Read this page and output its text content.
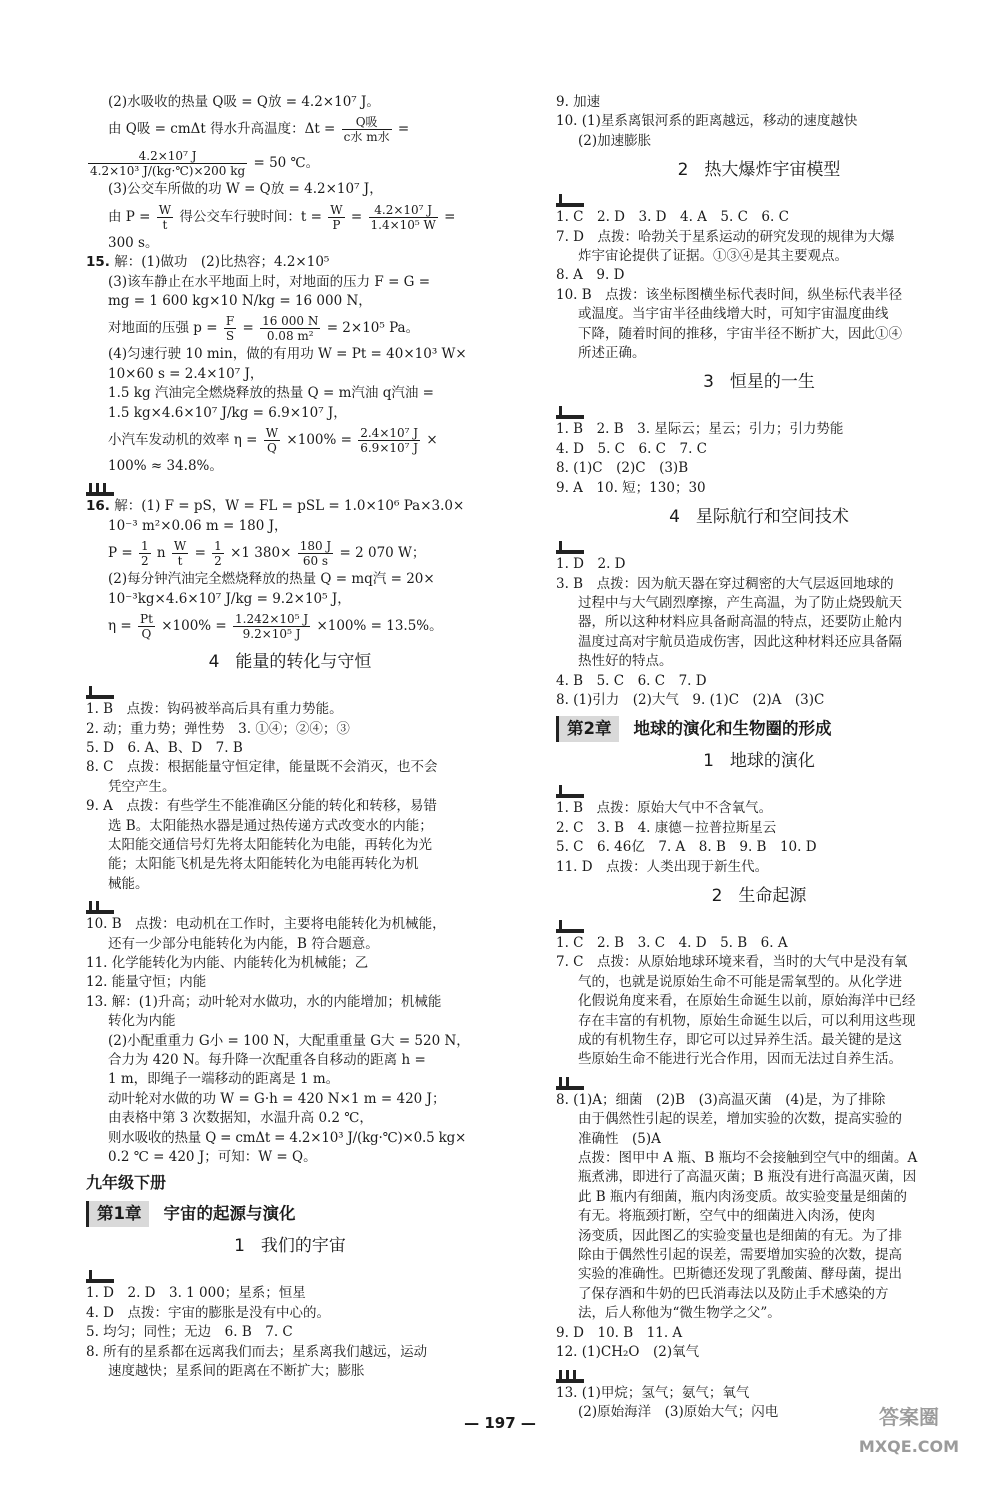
(2)水吸收的热量 Q吸 = Q放 = 4.2×10⁷ J。
由 Q吸 = cmΔt 得水升高温度：$\Delta t = \frac{\text{Q吸}}{\text{c水 m水}}$ =
$\frac{\text{4.2×10⁷ J}}{\text{4.2×10³ J/(kg·℃)×200 kg}} = 50$ ℃。
(3)公交车所做的功 W = Q放 = 4.2×10⁷ J，
由 $P = \frac{W}{t}$ 得公交车行驶时间：$t = \frac{W}{P} = \frac{\text{4.2×10⁷ J}}{\text{1.4×10⁵ W}}$ =
300 s。
15. 解：(1)做功　(2)比热容；4.2×10⁵
(3)该车静止在水平地面上时，对地面的压力 F = G =
mg = 1 600 kg×10 N/kg = 16 000 N，
对地面的压强 $p = \frac{F}{S} = \frac{16 000 N}{\text{0.08 m²}} = 2\times 10^5$ Pa。
(4)匀速行驶 10 min，做的有用功 W = Pt = 40×10³ W×
10×60 s = 2.4×10⁷ J，
1.5 kg 汽油完全燃烧释放的热量 Q = m汽油 q汽油 =
1.5 kg×4.6×10⁷ J/kg = 6.9×10⁷ J，
小汽车发动机的效率 $\eta = \frac{W}{Q} \times 100\% = \frac{\text{2.4×10⁷ J}}{\text{6.9×10⁷ J}}$ ×
100% ≈ 34.8%。
16. 解：(1) F = pS，W = FL = pSL = 1.0×10⁶ Pa×3.0×
10⁻³ m²×0.06 m = 180 J，
$P = \frac{1}{2}$ n $\frac{W}{t} = \frac{1}{2} \times 1$ $380\times \frac{180 J}{60 s} = 2$ 070 W；
(2)每分钟汽油完全燃烧释放的热量 Q = mq汽 = 20×
10⁻³kg×4.6×10⁷ J/kg = 9.2×10⁵ J，
$\eta = \frac{Pt}{Q} \times 100\% = \frac{\text{1.242×10⁵ J}}{\text{9.2×10⁵ J}} \times 100\% = 13.5\%$。
4 能量的转化与守恒
1. B　点拨：钩码被举高后具有重力势能。
2. 动；重力势；弹性势　3. ①④；②④；③
5. D　6. A、B、D　7. B
8. C　点拨：根据能量守恒定律，能量既不会消灭，也不会
凭空产生。
9. A　点拨：有些学生不能准确区分能的转化和转移，易错
选 B。太阳能热水器是通过热传递方式改变水的内能；
太阳能交通信号灯先将太阳能转化为电能，再转化为光
能；太阳能飞机是先将太阳能转化为电能再转化为机
械能。
10. B　点拨：电动机在工作时，主要将电能转化为机械能，
还有一少部分电能转化为内能，B 符合题意。
11. 化学能转化为内能、内能转化为机械能；乙
12. 能量守恒；内能
13. 解：(1)升高；动叶轮对水做功，水的内能增加；机械能
转化为内能
(2)小配重重力 G小 = 100 N，大配重重量 G大 = 520 N，
合力为 420 N。每升降一次配重各自移动的距离 h =
1 m，即绳子一端移动的距离是 1 m。
动叶轮对水做的功 W = G·h = 420 N×1 m = 420 J；
由表格中第 3 次数据知，水温升高 0.2 ℃，
则水吸收的热量 Q = cmΔt = 4.2×10³ J/(kg·℃)×0.5 kg×
0.2 ℃ = 420 J；可知：W = Q。
九年级下册
第1章	宇宙的起源与演化
1 我们的宇宙
1. D　2. D　3. 1 000；星系；恒星
4. D　点拨：宇宙的膨胀是没有中心的。
5. 均匀；同性；无边　6. B　7. C
8. 所有的星系都在远离我们而去；星系离我们越远，运动
速度越快；星系间的距离在不断扩大；膨胀
9. 加速
10. (1)星系离银河系的距离越远，移动的速度越快
(2)加速膨胀
2 热大爆炸宇宙模型
1. C　2. D　3. D　4. A　5. C　6. C
7. D　点拨：哈勃关于星系运动的研究发现的规律为大爆
炸宇宙论提供了证据。①③④是其主要观点。
8. A　9. D
10. B　点拨：该坐标图横坐标代表时间，纵坐标代表半径
或温度。当宇宙半径曲线增大时，可知宇宙温度曲线
下降，随着时间的推移，宇宙半径不断扩大，因此①④
所述正确。
3 恒星的一生
1. B　2. B　3. 星际云；星云；引力；引力势能
4. D　5. C　6. C　7. C
8. (1)C　(2)C　(3)B
9. A　10. 短；130；30
4 星际航行和空间技术
1. D　2. D
3. B　点拨：因为航天器在穿过稠密的大气层返回地球的
过程中与大气剧烈摩擦，产生高温，为了防止烧毁航天
器，所以这种材料应具备耐高温的特点，还要防止舱内
温度过高对宇航员造成伤害，因此这种材料还应具备隔
热性好的特点。
4. B　5. C　6. C　7. D
8. (1)引力　(2)大气　9. (1)C　(2)A　(3)C
第2章	地球的演化和生物圈的形成
1 地球的演化
1. B　点拨：原始大气中不含氧气。
2. C　3. B　4. 康德－拉普拉斯星云
5. C　6. 46亿　7. A　8. B　9. B　10. D
11. D　点拨：人类出现于新生代。
2 生命起源
1. C　2. B　3. C　4. D　5. B　6. A
7. C　点拨：从原始地球环境来看，当时的大气中是没有氧
气的，也就是说原始生命不可能是需氧型的。从化学进
化假说角度来看，在原始生命诞生以前，原始海洋中已经
存在丰富的有机物，原始生命诞生以后，可以利用这些现
成的有机物生存，即它可以过异养生活。最关键的是这
些原始生命不能进行光合作用，因而无法过自养生活。
8. (1)A；细菌　(2)B　(3)高温灭菌　(4)是，为了排除
由于偶然性引起的误差，增加实验的次数，提高实验的
准确性　(5)A
点拨：图甲中 A 瓶、B 瓶均不会接触到空气中的细菌。A
瓶煮沸，即进行了高温灭菌；B 瓶没有进行高温灭菌，因
此 B 瓶内有细菌，瓶内肉汤变质。故实验变量是细菌的
有无。将瓶颈打断，空气中的细菌进入肉汤，使肉
汤变质，因此图乙的实验变量也是细菌的有无。为了排
除由于偶然性引起的误差，需要增加实验的次数，提高
实验的准确性。巴斯德还发现了乳酸菌、酵母菌，提出
了保存酒和牛奶的巴氏消毒法以及防止手术感染的方
法，后人称他为“微生物学之父”。
9. D　10. B　11. A
12. (1)CH₂O　(2)氧气
13. (1)甲烷；氢气；氨气；氧气
(2)原始海洋　(3)原始大气；闪电
— 197 —	答案圈
MXQE.COM
